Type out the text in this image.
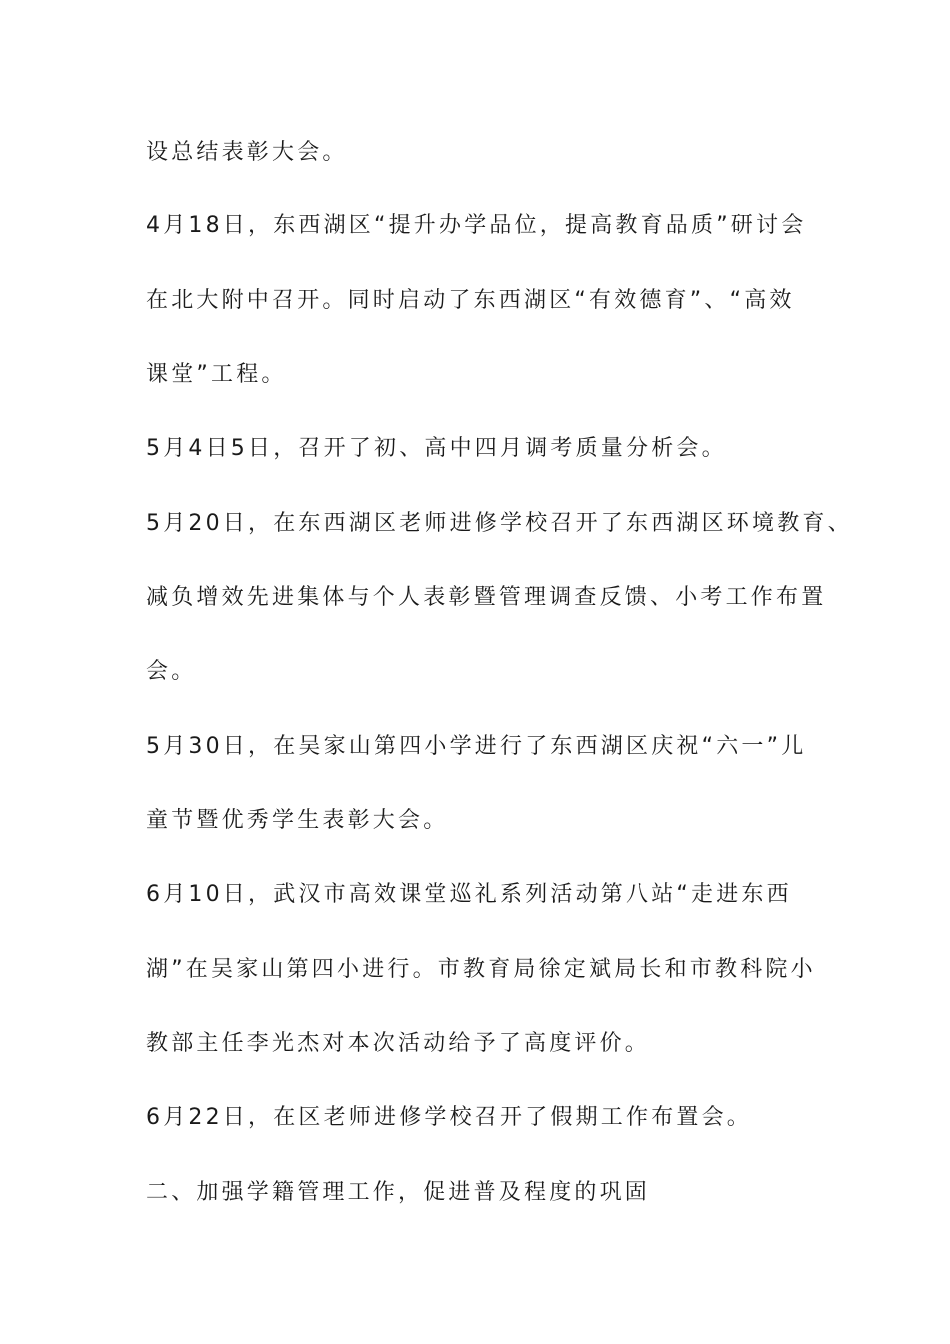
设总结表彰大会。
4月18日，东西湖区“提升办学品位，提高教育品质”研讨会
在北大附中召开。同时启动了东西湖区“有效德育”、“高效
课堂”工程。
5月4日5日，召开了初、高中四月调考质量分析会。
5月20日，在东西湖区老师进修学校召开了东西湖区环境教育、
减负增效先进集体与个人表彰暨管理调查反馈、小考工作布置
会。
5月30日，在吴家山第四小学进行了东西湖区庆祝“六一”儿
童节暨优秀学生表彰大会。
6月10日，武汉市高效课堂巡礼系列活动第八站“走进东西
湖”在吴家山第四小进行。市教育局徐定斌局长和市教科院小
教部主任李光杰对本次活动给予了高度评价。
6月22日，在区老师进修学校召开了假期工作布置会。
二、加强学籍管理工作，促进普及程度的巩固
